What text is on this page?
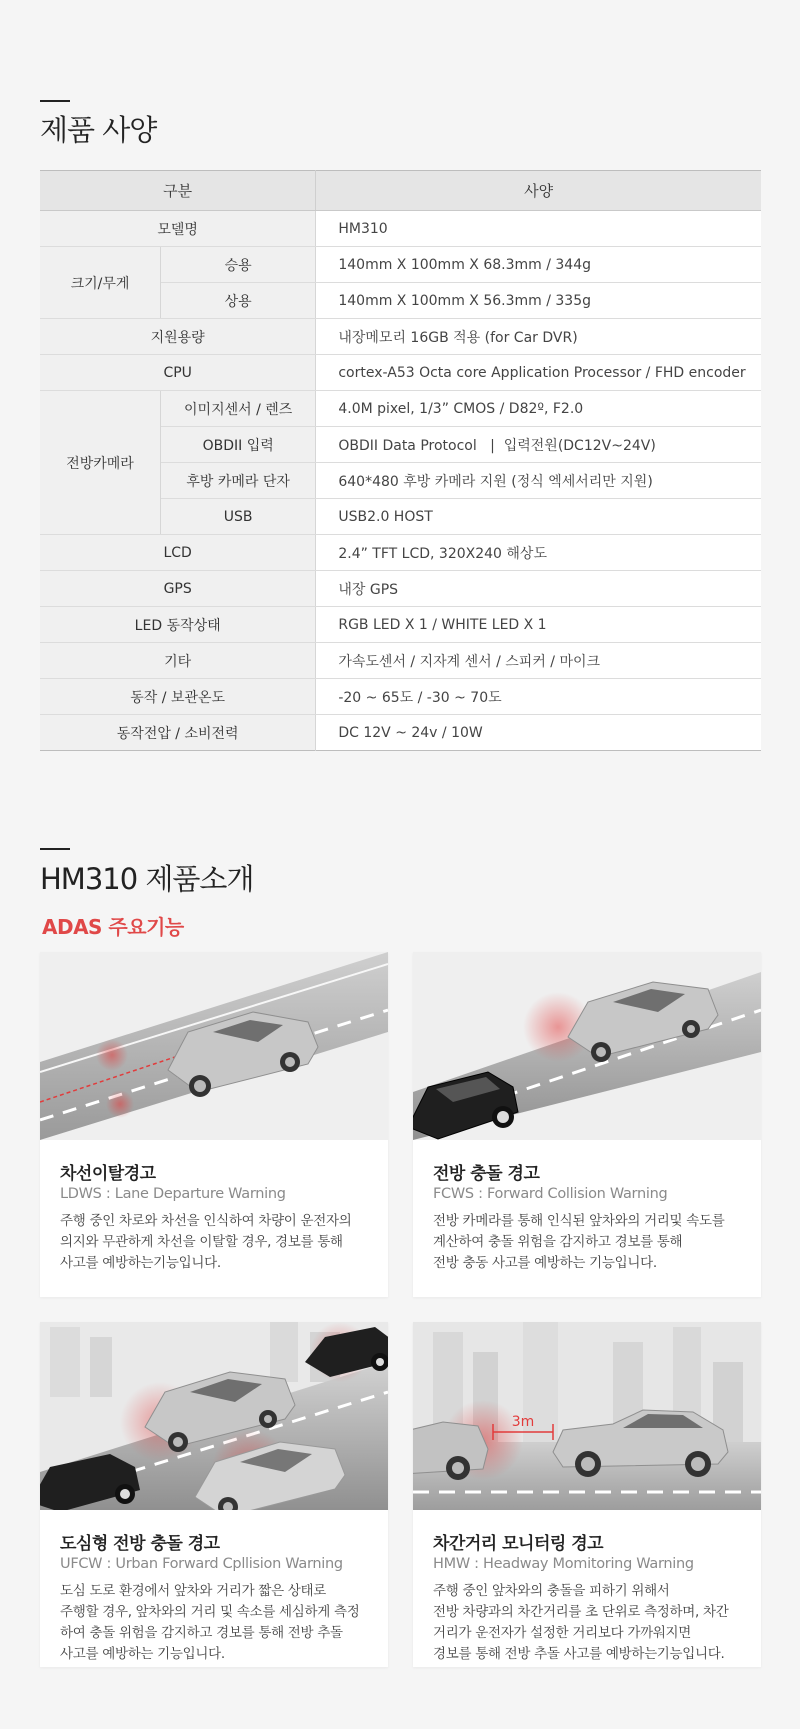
제품 사양
구분		사양
모델명		HM310
크기/무게	승용	140mm X 100mm X 68.3mm / 344g
	상용	140mm X 100mm X 56.3mm / 335g
지원용량		내장메모리 16GB 적용 (for Car DVR)
CPU		cortex-A53 Octa core Application Processor / FHD encoder
전방카메라	이미지센서 / 렌즈	4.0M pixel, 1/3” CMOS / D82º, F2.0
	OBDII 입력	OBDII Data Protocol   |  입력전원(DC12V~24V)
	후방 카메라 단자	640*480 후방 카메라 지원 (정식 엑세서리만 지원)
	USB	USB2.0 HOST
LCD		2.4” TFT LCD, 320X240 해상도
GPS		내장 GPS
LED 동작상태		RGB LED X 1 / WHITE LED X 1
기타		가속도센서 / 지자계 센서 / 스피커 / 마이크
동작 / 보관온도		-20 ~ 65도 / -30 ~ 70도
동작전압 / 소비전력		DC 12V ~ 24v / 10W
HM310 제품소개
ADAS 주요기능
차선이탈경고
LDWS : Lane Departure Warning
주행 중인 차로와 차선을 인식하여 차량이 운전자의
의지와 무관하게 차선을 이탈할 경우, 경보를 통해
사고를 예방하는기능입니다.
전방 충돌 경고
FCWS : Forward Collision Warning
전방 카메라를 통해 인식된 앞차와의 거리및 속도를
계산하여 충돌 위험을 감지하고 경보를 통해
전방 충동 사고를 예방하는 기능입니다.
도심형 전방 충돌 경고
UFCW : Urban Forward Cpllision Warning
도심 도로 환경에서 앞차와 거리가 짧은 상태로
주행할 경우, 앞차와의 거리 및 속소를 세심하게 측정
하여 충돌 위험을 감지하고 경보를 통해 전방 추돌
사고를 예방하는 기능입니다.
3m
차간거리 모니터링 경고
HMW : Headway Momitoring Warning
주행 중인 앞차와의 충돌을 피하기 위해서
전방 차량과의 차간거리를 초 단위로 측정하며, 차간
거리가 운전자가 설정한 거리보다 가까워지면
경보를 통해 전방 추돌 사고를 예방하는기능입니다.
